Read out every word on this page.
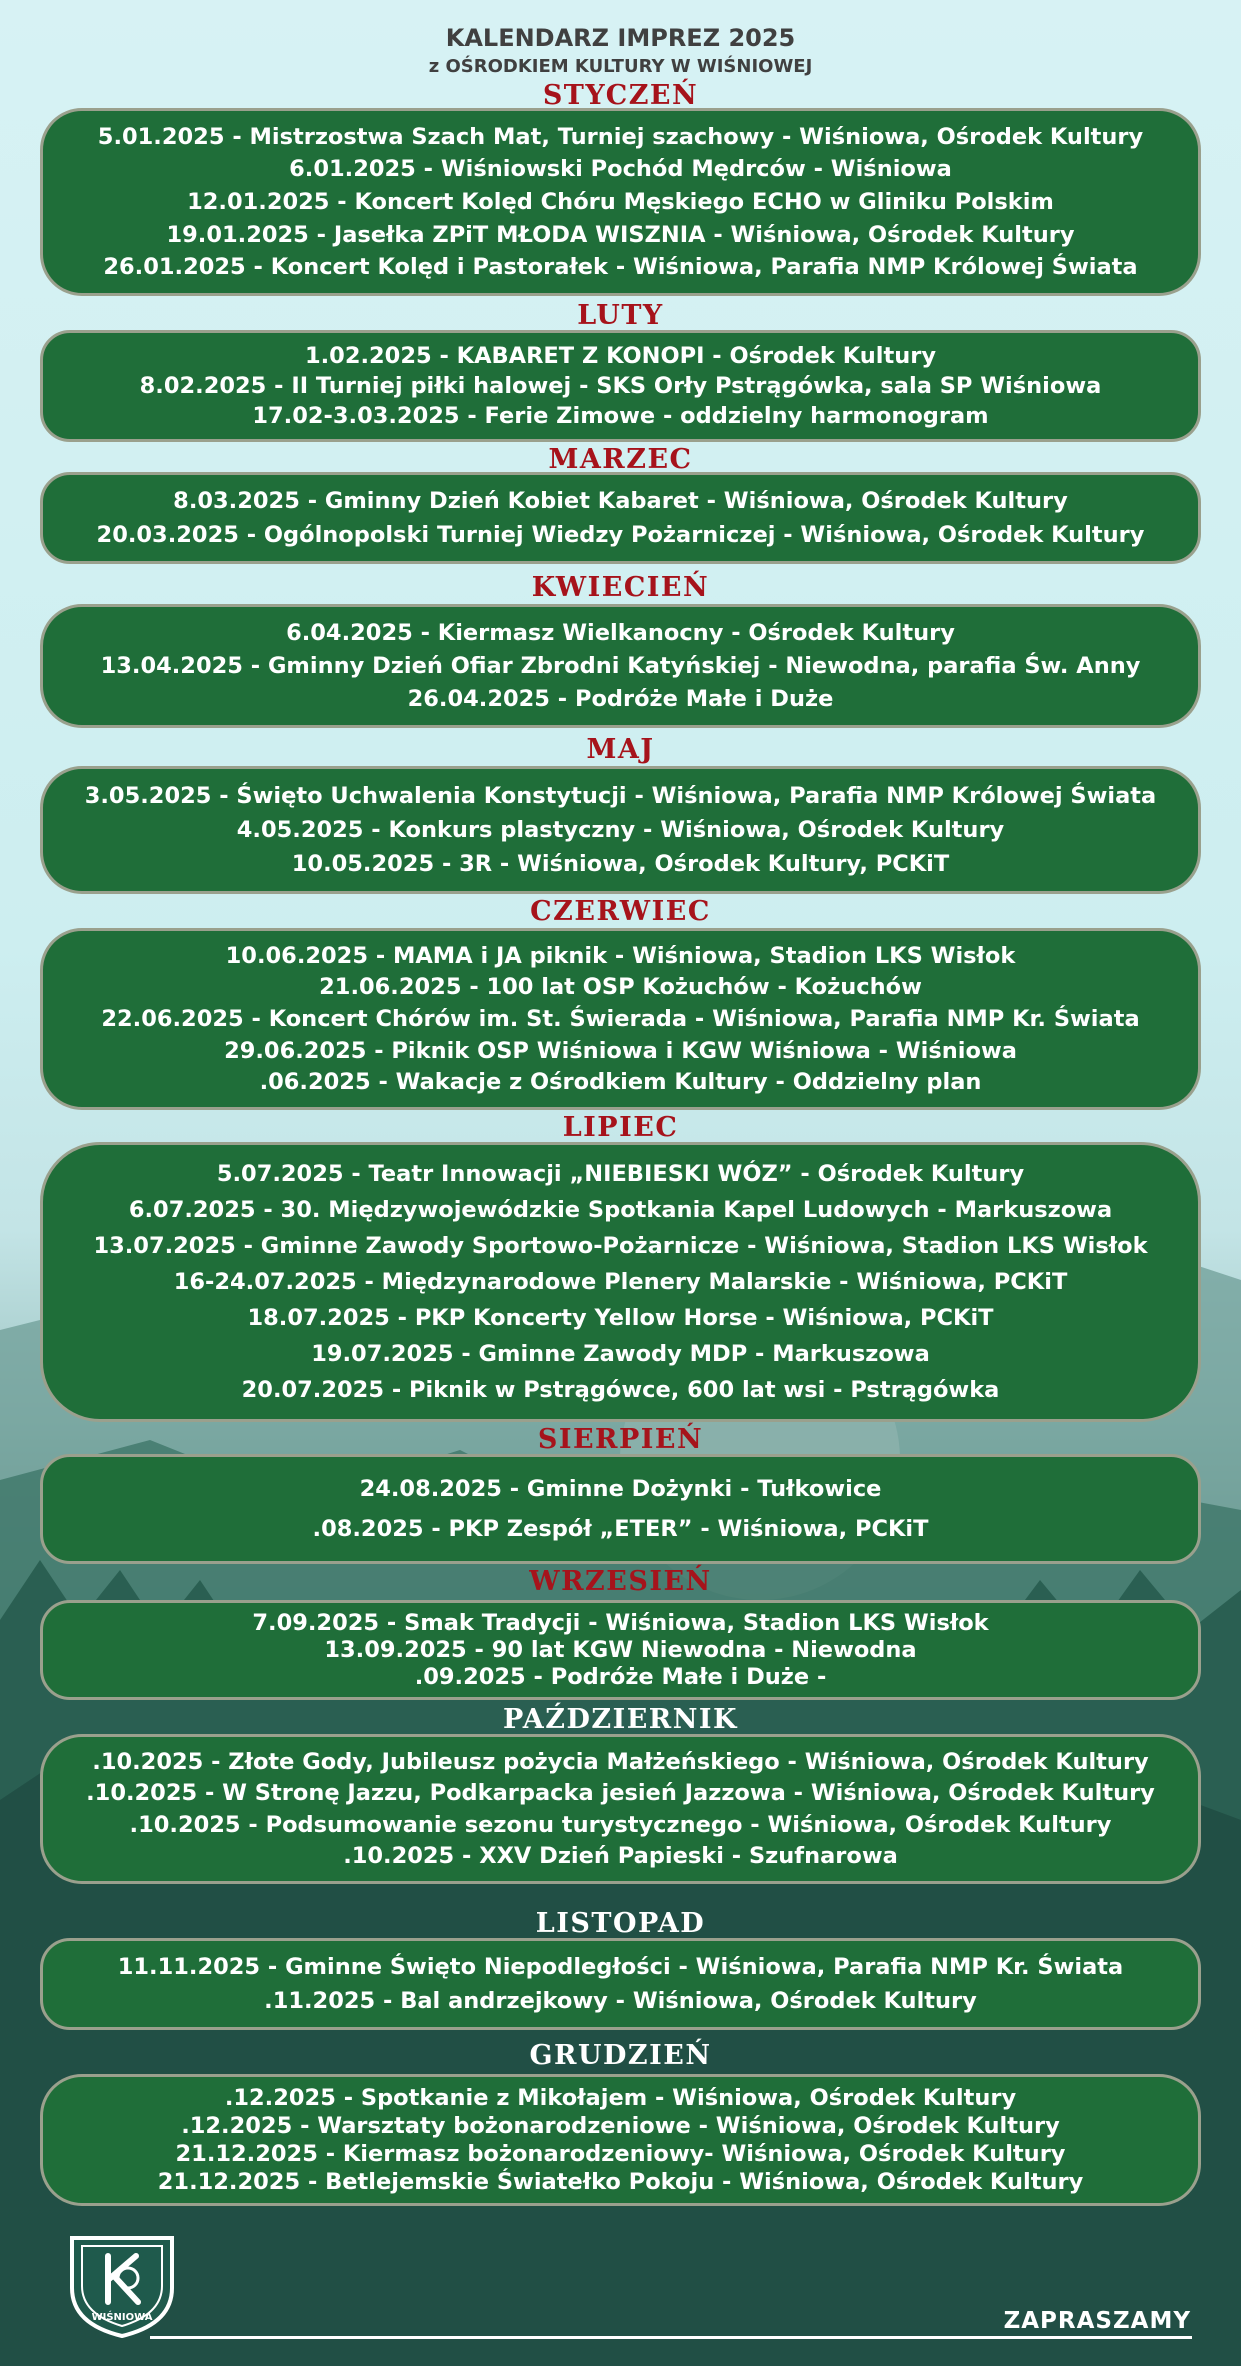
KALENDARZ IMPREZ 2025
z OŚRODKIEM KULTURY W WIŚNIOWEJ
STYCZEŃ
5.01.2025 - Mistrzostwa Szach Mat, Turniej szachowy - Wiśniowa, Ośrodek Kultury
6.01.2025 - Wiśniowski Pochód Mędrców - Wiśniowa
12.01.2025 - Koncert Kolęd Chóru Męskiego ECHO w Gliniku Polskim
19.01.2025 - Jasełka ZPiT MŁODA WISZNIA - Wiśniowa, Ośrodek Kultury
26.01.2025 - Koncert Kolęd i Pastorałek - Wiśniowa, Parafia NMP Królowej Świata
LUTY
1.02.2025 - KABARET Z KONOPI - Ośrodek Kultury
8.02.2025 - II Turniej piłki halowej - SKS Orły Pstrągówka, sala SP Wiśniowa
17.02-3.03.2025 - Ferie Zimowe - oddzielny harmonogram
MARZEC
8.03.2025 - Gminny Dzień Kobiet Kabaret - Wiśniowa, Ośrodek Kultury
20.03.2025 - Ogólnopolski Turniej Wiedzy Pożarniczej - Wiśniowa, Ośrodek Kultury
KWIECIEŃ
6.04.2025 - Kiermasz Wielkanocny - Ośrodek Kultury
13.04.2025 - Gminny Dzień Ofiar Zbrodni Katyńskiej - Niewodna, parafia Św. Anny
26.04.2025 - Podróże Małe i Duże
MAJ
3.05.2025 - Święto Uchwalenia Konstytucji - Wiśniowa, Parafia NMP Królowej Świata
4.05.2025 - Konkurs plastyczny - Wiśniowa, Ośrodek Kultury
10.05.2025 - 3R - Wiśniowa, Ośrodek Kultury, PCKiT
CZERWIEC
10.06.2025 - MAMA i JA piknik - Wiśniowa, Stadion LKS Wisłok
21.06.2025 - 100 lat OSP Kożuchów - Kożuchów
22.06.2025 - Koncert Chórów im. St. Świerada - Wiśniowa, Parafia NMP Kr. Świata
29.06.2025 - Piknik OSP Wiśniowa i KGW Wiśniowa - Wiśniowa
.06.2025 - Wakacje z Ośrodkiem Kultury - Oddzielny plan
LIPIEC
5.07.2025 - Teatr Innowacji „NIEBIESKI WÓZ” - Ośrodek Kultury
6.07.2025 - 30. Międzywojewódzkie Spotkania Kapel Ludowych - Markuszowa
13.07.2025 - Gminne Zawody Sportowo-Pożarnicze - Wiśniowa, Stadion LKS Wisłok
16-24.07.2025 - Międzynarodowe Plenery Malarskie - Wiśniowa, PCKiT
18.07.2025 - PKP Koncerty Yellow Horse - Wiśniowa, PCKiT
19.07.2025 - Gminne Zawody MDP - Markuszowa
20.07.2025 - Piknik w Pstrągówce, 600 lat wsi - Pstrągówka
SIERPIEŃ
24.08.2025 - Gminne Dożynki - Tułkowice
.08.2025 - PKP Zespół „ETER” - Wiśniowa, PCKiT
WRZESIEŃ
7.09.2025 - Smak Tradycji - Wiśniowa, Stadion LKS Wisłok
13.09.2025 - 90 lat KGW Niewodna - Niewodna
.09.2025 - Podróże Małe i Duże -
PAŹDZIERNIK
.10.2025 - Złote Gody, Jubileusz pożycia Małżeńskiego - Wiśniowa, Ośrodek Kultury
.10.2025 - W Stronę Jazzu, Podkarpacka jesień Jazzowa - Wiśniowa, Ośrodek Kultury
.10.2025 - Podsumowanie sezonu turystycznego - Wiśniowa, Ośrodek Kultury
.10.2025 - XXV Dzień Papieski - Szufnarowa
LISTOPAD
11.11.2025 - Gminne Święto Niepodległości - Wiśniowa, Parafia NMP Kr. Świata
.11.2025 - Bal andrzejkowy - Wiśniowa, Ośrodek Kultury
GRUDZIEŃ
.12.2025 - Spotkanie z Mikołajem - Wiśniowa, Ośrodek Kultury
.12.2025 - Warsztaty bożonarodzeniowe - Wiśniowa, Ośrodek Kultury
21.12.2025 - Kiermasz bożonarodzeniowy- Wiśniowa, Ośrodek Kultury
21.12.2025 - Betlejemskie Światełko Pokoju - Wiśniowa, Ośrodek Kultury
WIŚNIOWA	ZAPRASZAMY
